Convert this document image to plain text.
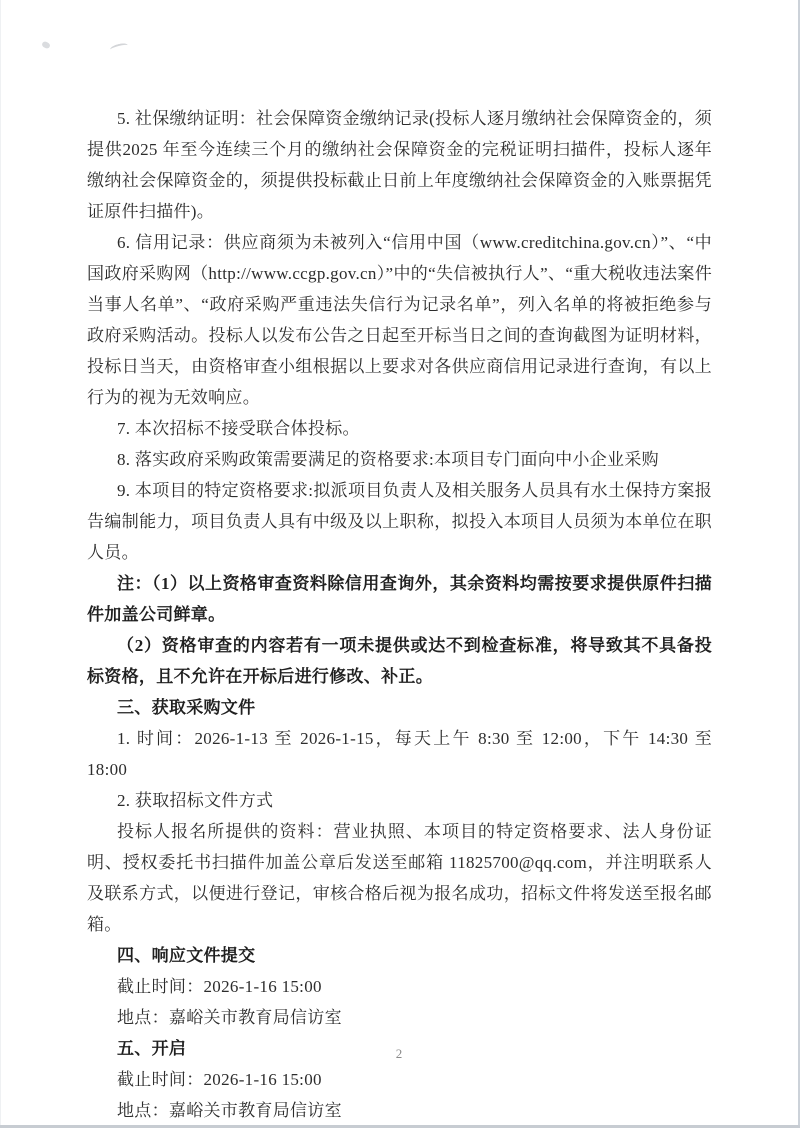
5. 社保缴纳证明：社会保障资金缴纳记录(投标人逐月缴纳社会保障资金的，须提供2025 年至今连续三个月的缴纳社会保障资金的完税证明扫描件，投标人逐年缴纳社会保障资金的，须提供投标截止日前上年度缴纳社会保障资金的入账票据凭证原件扫描件)。

6. 信用记录：供应商须为未被列入“信用中国（www.creditchina.gov.cn）”、“中国政府采购网（http://www.ccgp.gov.cn）”中的“失信被执行人”、“重大税收违法案件当事人名单”、“政府采购严重违法失信行为记录名单”，列入名单的将被拒绝参与政府采购活动。投标人以发布公告之日起至开标当日之间的查询截图为证明材料，投标日当天，由资格审查小组根据以上要求对各供应商信用记录进行查询，有以上行为的视为无效响应。

7. 本次招标不接受联合体投标。

8. 落实政府采购政策需要满足的资格要求:本项目专门面向中小企业采购

9. 本项目的特定资格要求:拟派项目负责人及相关服务人员具有水土保持方案报告编制能力，项目负责人具有中级及以上职称，拟投入本项目人员须为本单位在职人员。

注：（1）以上资格审查资料除信用查询外，其余资料均需按要求提供原件扫描件加盖公司鲜章。

（2）资格审查的内容若有一项未提供或达不到检查标准，将导致其不具备投标资格，且不允许在开标后进行修改、补正。

三、获取采购文件

1. 时间：2026-1-13 至 2026-1-15，每天上午 8:30 至 12:00，下午 14:30 至 18:00

2. 获取招标文件方式

投标人报名所提供的资料：营业执照、本项目的特定资格要求、法人身份证明、授权委托书扫描件加盖公章后发送至邮箱 11825700@qq.com，并注明联系人及联系方式，以便进行登记，审核合格后视为报名成功，招标文件将发送至报名邮箱。

四、响应文件提交

截止时间：2026-1-16 15:00

地点：嘉峪关市教育局信访室

五、开启

截止时间：2026-1-16 15:00

地点：嘉峪关市教育局信访室

2
